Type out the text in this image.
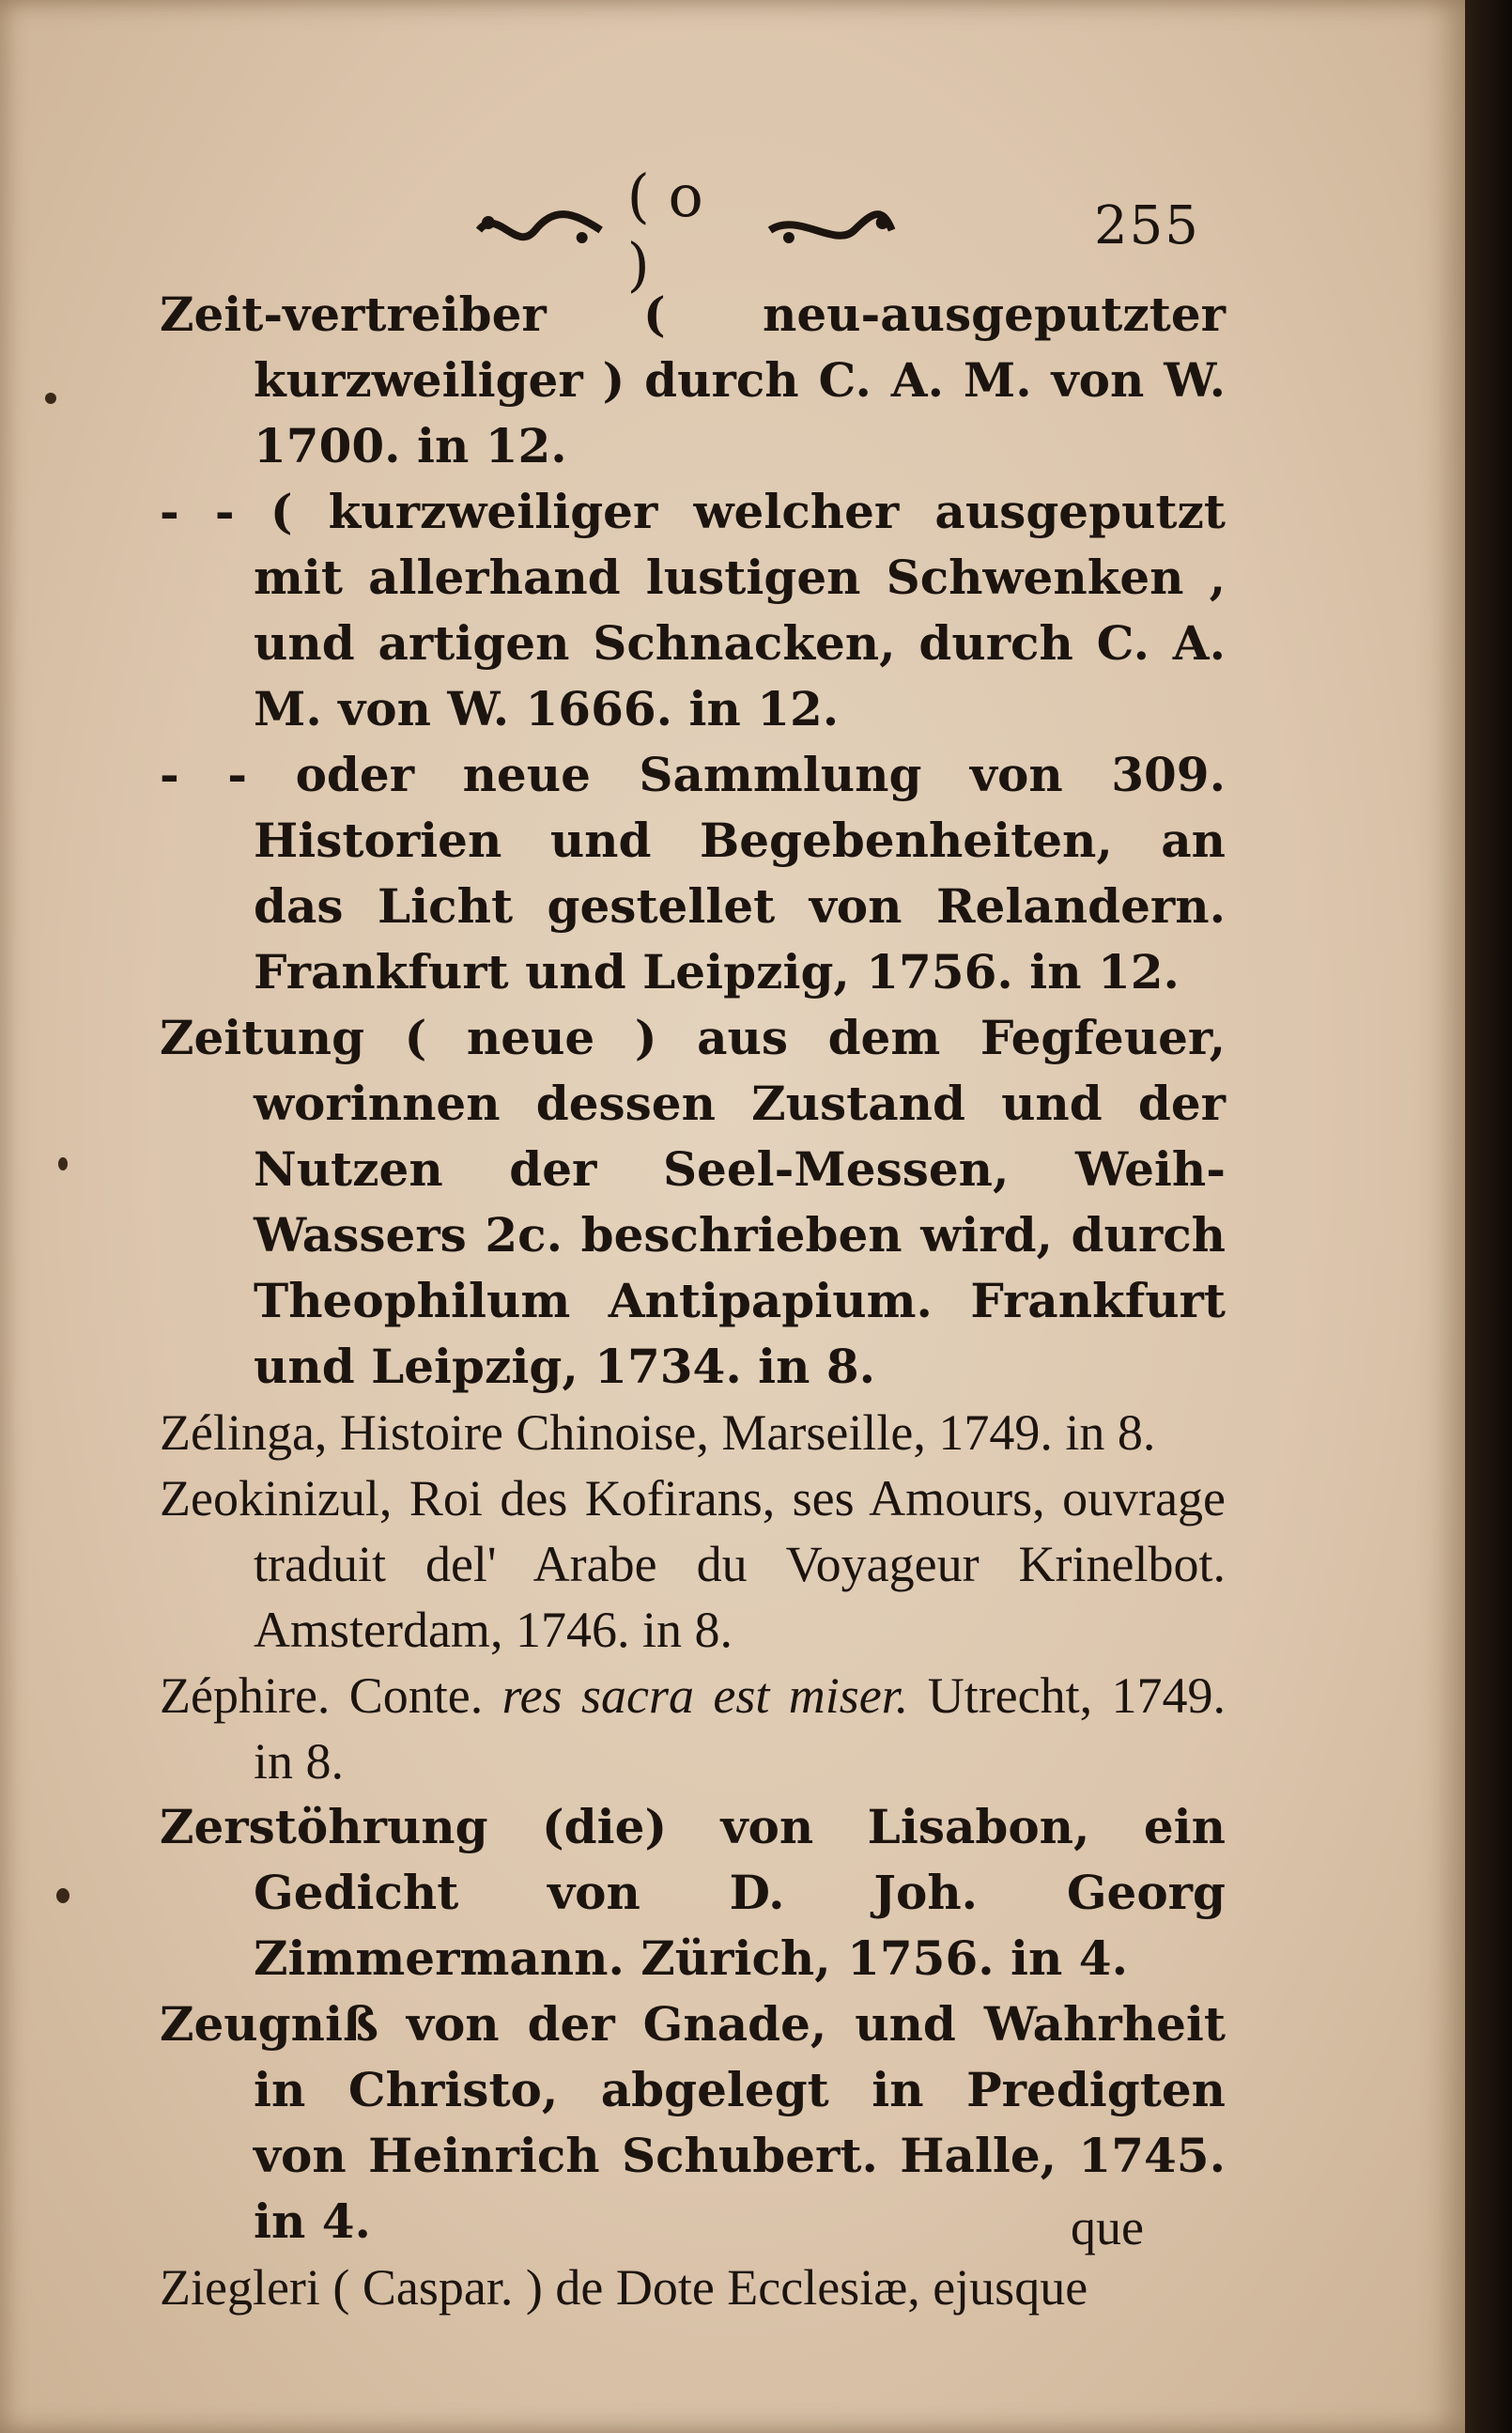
( o )
255

Zeit-vertreiber ( neu-ausgeputzter kurzweiliger ) durch C. A. M. von W. 1700. in 12.

- - ( kurzweiliger welcher ausgeputzt mit allerhand lustigen Schwenken , und artigen Schnacken, durch C. A. M. von W. 1666. in 12.

- - oder neue Sammlung von 309. Historien und Begebenheiten, an das Licht gestellet von Relandern. Frankfurt und Leipzig, 1756. in 12.

Zeitung ( neue ) aus dem Fegfeuer, worinnen dessen Zustand und der Nutzen der Seel-Messen, Weih-Wassers 2c. beschrieben wird, durch Theophilum Antipapium. Frankfurt und Leipzig, 1734. in 8.

Zélinga, Histoire Chinoise, Marseille, 1749. in 8.

Zeokinizul, Roi des Kofirans, ses Amours, ouvrage traduit del' Arabe du Voyageur Krinelbot. Amsterdam, 1746. in 8.

Zéphire. Conte. res sacra est miser. Utrecht, 1749. in 8.

Zerstöhrung (die) von Lisabon, ein Gedicht von D. Joh. Georg Zimmermann. Zürich, 1756. in 4.

Zeugniß von der Gnade, und Wahrheit in Christo, abgelegt in Predigten von Heinrich Schubert. Halle, 1745. in 4.

Ziegleri ( Caspar. ) de Dote Ecclesiæ, ejusque

que
